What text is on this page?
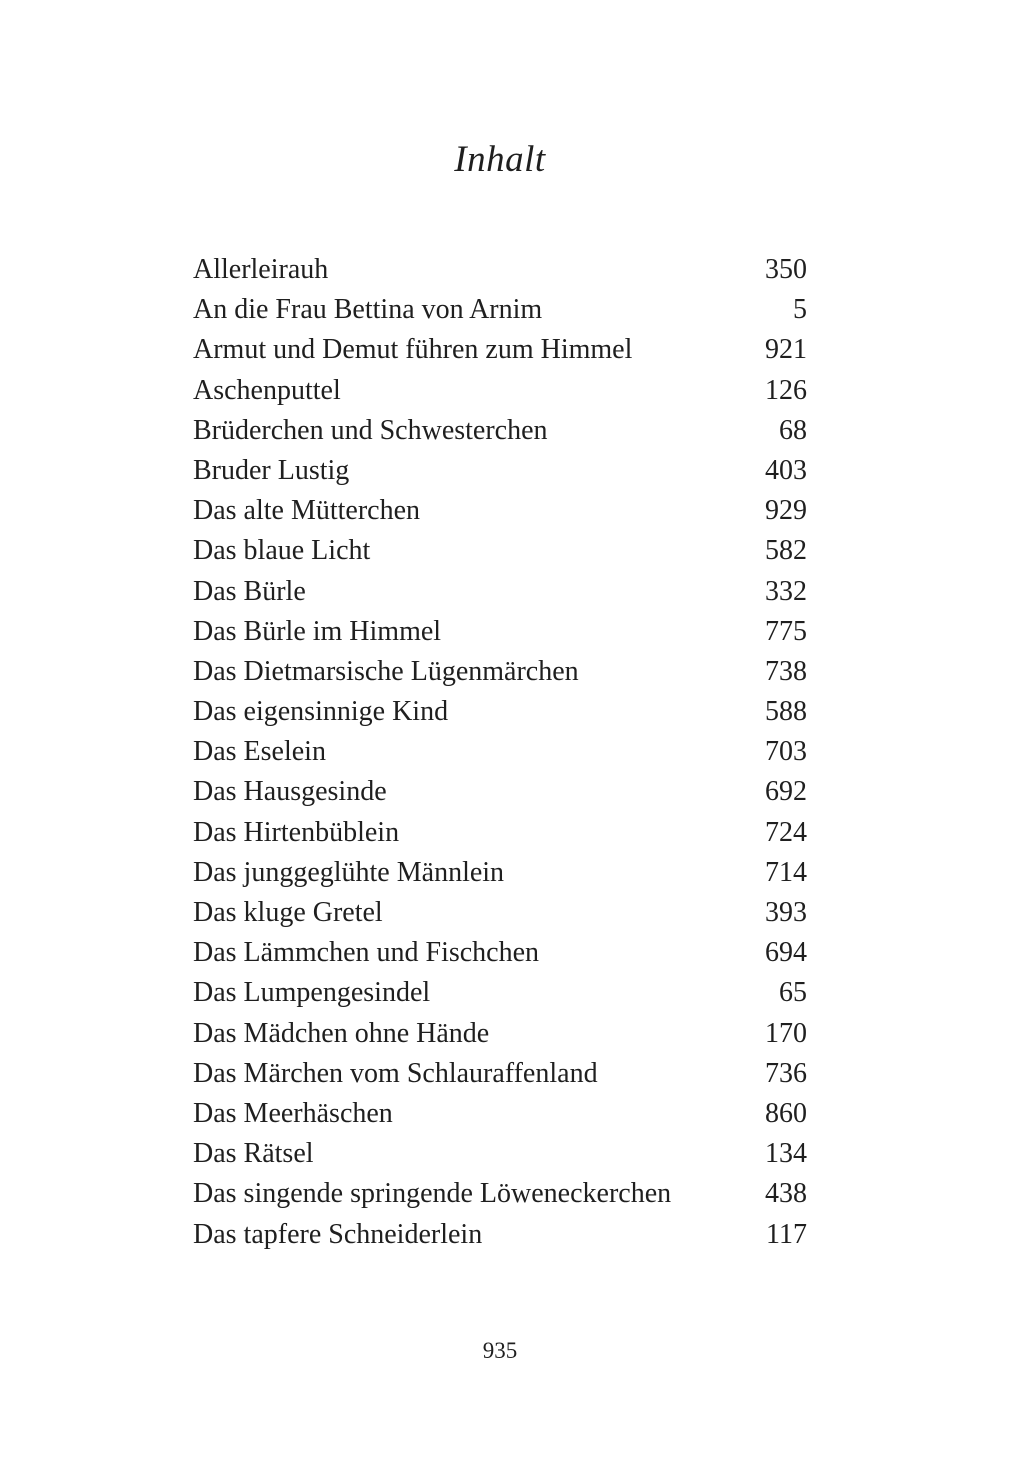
Inhalt
Allerleirauh	350
An die Frau Bettina von Arnim	5
Armut und Demut führen zum Himmel	921
Aschenputtel	126
Brüderchen und Schwesterchen	68
Bruder Lustig	403
Das alte Mütterchen	929
Das blaue Licht	582
Das Bürle	332
Das Bürle im Himmel	775
Das Dietmarsische Lügenmärchen	738
Das eigensinnige Kind	588
Das Eselein	703
Das Hausgesinde	692
Das Hirtenbüblein	724
Das junggeglühte Männlein	714
Das kluge Gretel	393
Das Lämmchen und Fischchen	694
Das Lumpengesindel	65
Das Mädchen ohne Hände	170
Das Märchen vom Schlauraffenland	736
Das Meerhäschen	860
Das Rätsel	134
Das singende springende Löweneckerchen	438
Das tapfere Schneiderlein	117
935
